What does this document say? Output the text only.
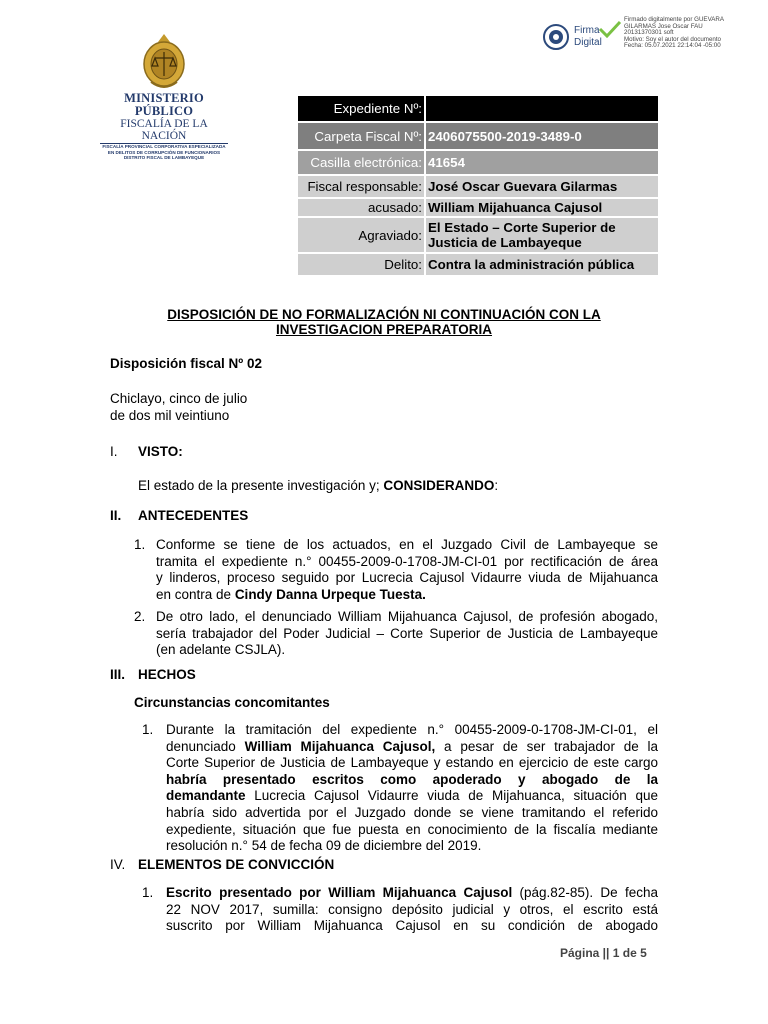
MINISTERIO PÚBLICO
FISCALÍA DE LA NACIÓN
FISCALÍA PROVINCIAL CORPORATIVA ESPECIALIZADA
EN DELITOS DE CORRUPCIÓN DE FUNCIONARIOS
DISTRITO FISCAL DE LAMBAYEQUE
Firma
Digital
Firmado digitalmente por GUEVARA
GILARMAS Jose Oscar FAU
20131370301 soft
Motivo: Soy el autor del documento
Fecha: 05.07.2021 22:14:04 -05:00
Expediente Nº:	
Carpeta Fiscal Nº:	2406075500-2019-3489-0
Casilla electrónica:	41654
Fiscal responsable:	José Oscar Guevara Gilarmas
acusado:	William Mijahuanca Cajusol
Agraviado:	El Estado – Corte Superior de
Justicia de Lambayeque

Delito:	Contra la administración pública
DISPOSICIÓN DE NO FORMALIZACIÓN NI CONTINUACIÓN CON LA
INVESTIGACION PREPARATORIA
Disposición fiscal Nº 02
Chiclayo, cinco de julio
de dos mil veintiuno
I. VISTO:
El estado de la presente investigación y; CONSIDERANDO:
II. ANTECEDENTES
1. Conforme se tiene de los actuados, en el Juzgado Civil de Lambayeque se
tramita el expediente n.° 00455-2009-0-1708-JM-CI-01 por rectificación de área
y linderos, proceso seguido por Lucrecia Cajusol Vidaurre viuda de Mijahuanca
en contra de Cindy Danna Urpeque Tuesta.
2. De otro lado, el denunciado William Mijahuanca Cajusol, de profesión abogado,
sería trabajador del Poder Judicial – Corte Superior de Justicia de Lambayeque
(en adelante CSJLA).
III. HECHOS
Circunstancias concomitantes
1. Durante la tramitación del expediente n.° 00455-2009-0-1708-JM-CI-01, el
denunciado William Mijahuanca Cajusol, a pesar de ser trabajador de la
Corte Superior de Justicia de Lambayeque y estando en ejercicio de este cargo
habría presentado escritos como apoderado y abogado de la
demandante Lucrecia Cajusol Vidaurre viuda de Mijahuanca, situación que
habría sido advertida por el Juzgado donde se viene tramitando el referido
expediente, situación que fue puesta en conocimiento de la fiscalía mediante
resolución n.° 54 de fecha 09 de diciembre del 2019.
IV. ELEMENTOS DE CONVICCIÓN
1. Escrito presentado por William Mijahuanca Cajusol (pág.82-85). De fecha
22 NOV 2017, sumilla: consigno depósito judicial y otros, el escrito está
suscrito por William Mijahuanca Cajusol en su condición de abogado
Página || 1 de 5
